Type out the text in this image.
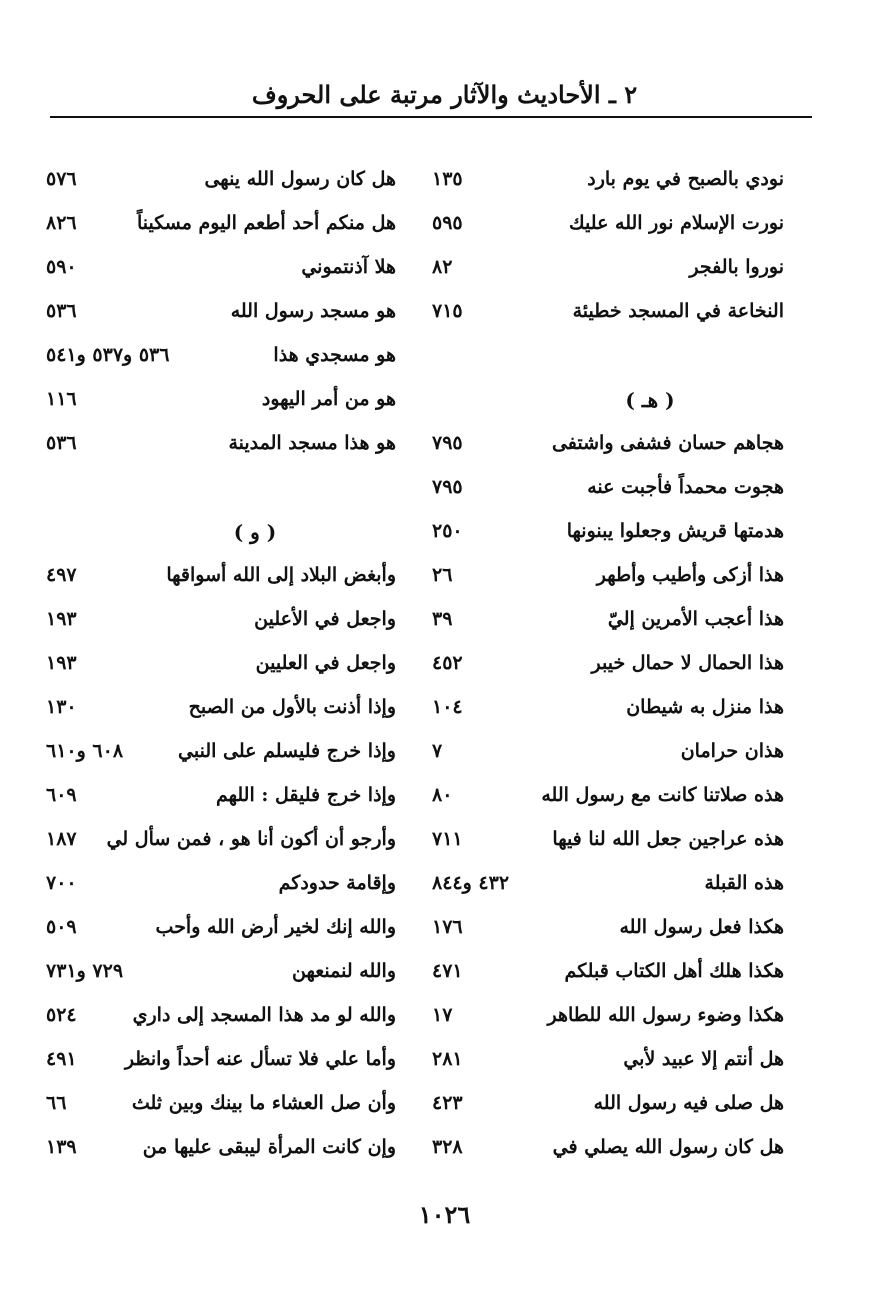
٢ ـ الأحاديث والآثار مرتبة على الحروف
نودي بالصبح في يوم بارد
١٣٥
نورت الإسلام نور الله عليك
٥٩٥
نوروا بالفجر
٨٢
النخاعة في المسجد خطيئة
٧١٥
( هـ )
هجاهم حسان فشفى واشتفى
٧٩٥
هجوت محمداً فأجبت عنه
٧٩٥
هدمتها قريش وجعلوا يبنونها
٢٥٠
هذا أزكى وأطيب وأطهر
٢٦
هذا أعجب الأمرين إليّ
٣٩
هذا الحمال لا حمال خيبر
٤٥٢
هذا منزل به شيطان
١٠٤
هذان حرامان
٧
هذه صلاتنا كانت مع رسول الله
٨٠
هذه عراجين جعل الله لنا فيها
٧١١
هذه القبلة
٤٣٢ و٨٤٤
هكذا فعل رسول الله
١٧٦
هكذا هلك أهل الكتاب قبلكم
٤٧١
هكذا وضوء رسول الله للطاهر
١٧
هل أنتم إلا عبيد لأبي
٢٨١
هل صلى فيه رسول الله
٤٢٣
هل كان رسول الله يصلي في
٣٢٨
هل كان رسول الله ينهى
٥٧٦
هل منكم أحد أطعم اليوم مسكيناً
٨٢٦
هلا آذنتموني
٥٩٠
هو مسجد رسول الله
٥٣٦
هو مسجدي هذا
٥٣٦ و٥٣٧ و٥٤١
هو من أمر اليهود
١١٦
هو هذا مسجد المدينة
٥٣٦
( و )
وأبغض البلاد إلى الله أسواقها
٤٩٧
واجعل في الأعلين
١٩٣
واجعل في العليين
١٩٣
وإذا أذنت بالأول من الصبح
١٣٠
وإذا خرج فليسلم على النبي
٦٠٨ و٦١٠
وإذا خرج فليقل : اللهم
٦٠٩
وأرجو أن أكون أنا هو ، فمن سأل لي
١٨٧
وإقامة حدودكم
٧٠٠
والله إنك لخير أرض الله وأحب
٥٠٩
والله لنمنعهن
٧٢٩ و٧٣١
والله لو مد هذا المسجد إلى داري
٥٢٤
وأما علي فلا تسأل عنه أحداً وانظر
٤٩١
وأن صل العشاء ما بينك وبين ثلث
٦٦
وإن كانت المرأة ليبقى عليها من
١٣٩
١٠٢٦
